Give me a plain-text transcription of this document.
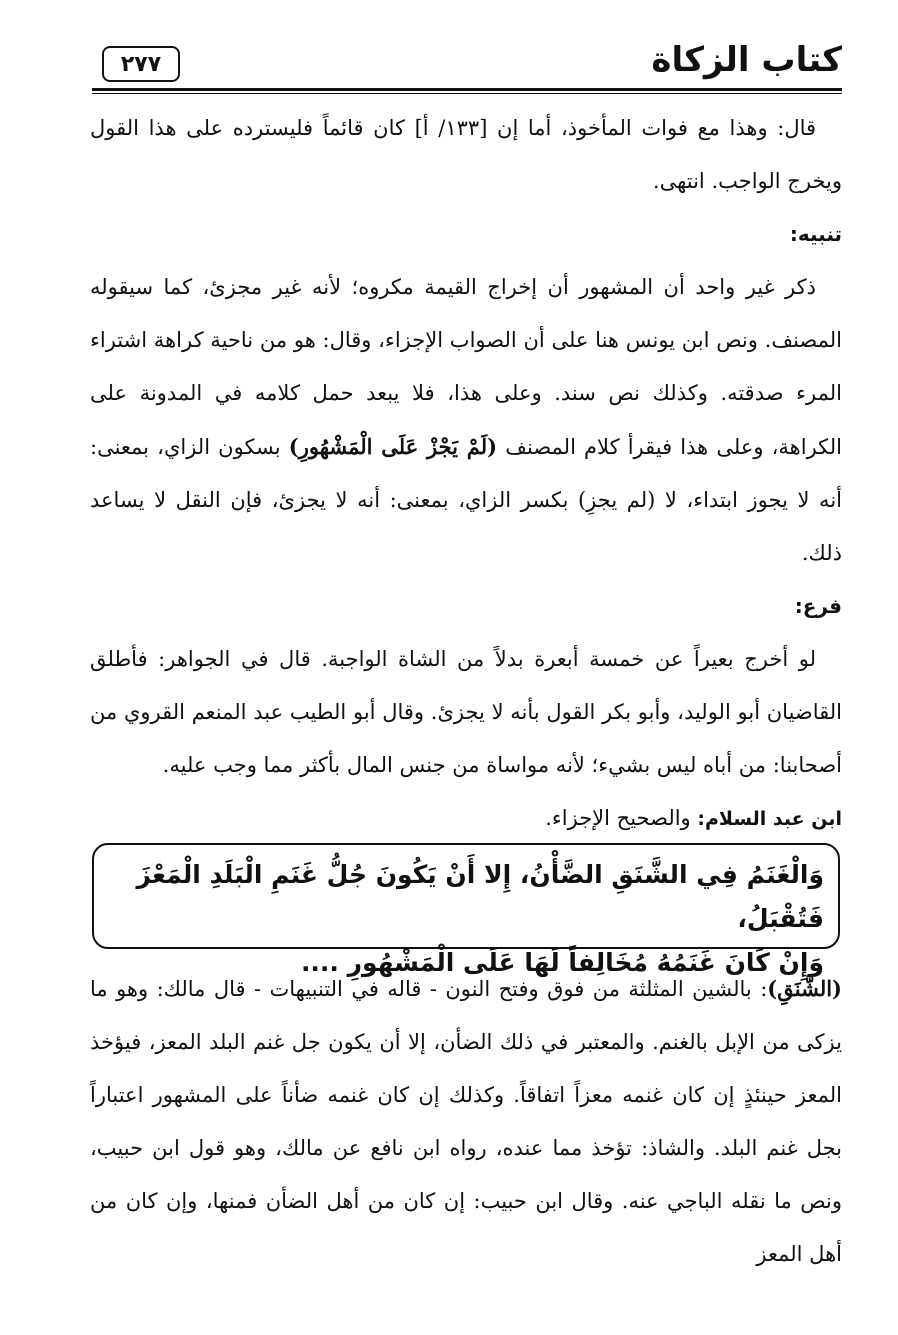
كتاب الزكاة
٢٧٧

قال: وهذا مع فوات المأخوذ، أما إن [١٣٣/ أ] كان قائماً فليسترده على هذا القول ويخرج الواجب. انتهى.

تنبيه:

ذكر غير واحد أن المشهور أن إخراج القيمة مكروه؛ لأنه غير مجزئ، كما سيقوله المصنف. ونص ابن يونس هنا على أن الصواب الإجزاء، وقال: هو من ناحية كراهة اشتراء المرء صدقته. وكذلك نص سند. وعلى هذا، فلا يبعد حمل كلامه في المدونة على الكراهة، وعلى هذا فيقرأ كلام المصنف (لَمْ يَجْزْ عَلَى الْمَشْهُورِ) بسكون الزاي، بمعنى: أنه لا يجوز ابتداء، لا (لم يجزِ) بكسر الزاي، بمعنى: أنه لا يجزئ، فإن النقل لا يساعد ذلك.

فرع:

لو أخرج بعيراً عن خمسة أبعرة بدلاً من الشاة الواجبة. قال في الجواهر: فأطلق القاضيان أبو الوليد، وأبو بكر القول بأنه لا يجزئ. وقال أبو الطيب عبد المنعم القروي من أصحابنا: من أباه ليس بشيء؛ لأنه مواساة من جنس المال بأكثر مما وجب عليه.

ابن عبد السلام: والصحيح الإجزاء.

وَالْغَنَمُ فِي الشَّنَقِ الضَّأْنُ، إِلا أَنْ يَكُونَ جُلُّ غَنَمِ الْبَلَدِ الْمَعْزَ فَتُقْبَلُ،
وَإِنْ كَانَ غَنَمُهُ مُخَالِفاً لَهَا عَلَى الْمَشْهُورِ ....

(الشَّنَقِ): بالشين المثلثة من فوق وفتح النون - قاله في التنبيهات - قال مالك: وهو ما يزكى من الإبل بالغنم. والمعتبر في ذلك الضأن، إلا أن يكون جل غنم البلد المعز، فيؤخذ المعز حينئذٍ إن كان غنمه معزاً اتفاقاً. وكذلك إن كان غنمه ضأناً على المشهور اعتباراً بجل غنم البلد. والشاذ: تؤخذ مما عنده، رواه ابن نافع عن مالك، وهو قول ابن حبيب، ونص ما نقله الباجي عنه. وقال ابن حبيب: إن كان من أهل الضأن فمنها، وإن كان من أهل المعز
